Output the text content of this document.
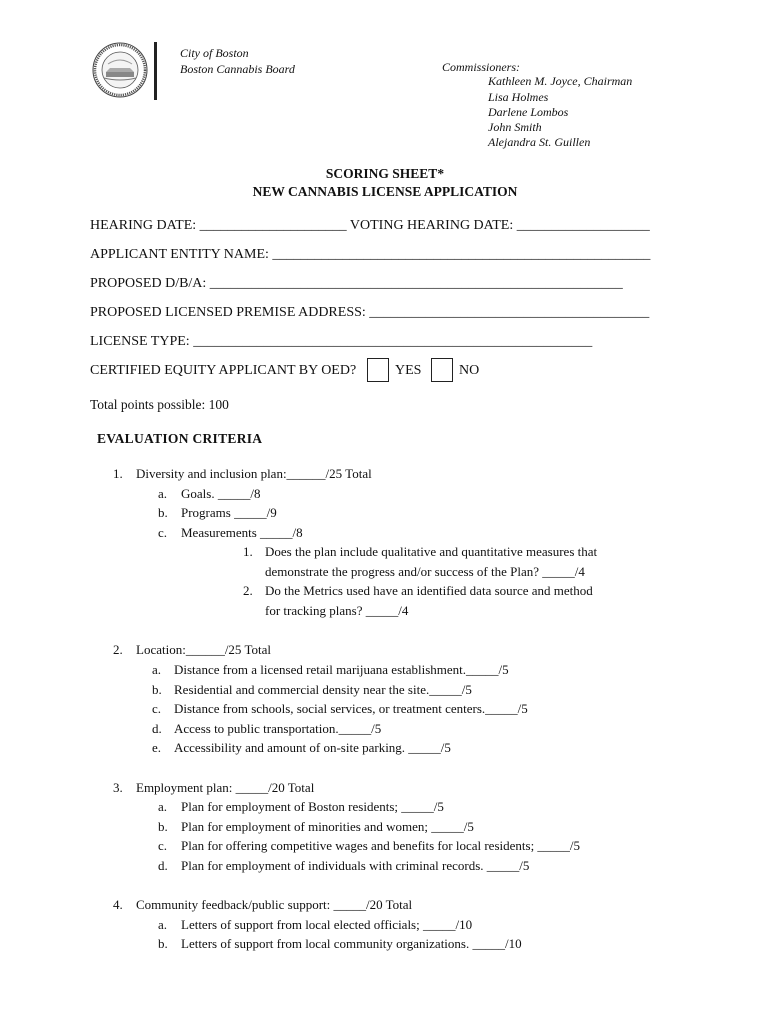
City of Boston
Boston Cannabis Board	Commissioners:
Kathleen M. Joyce, Chairman
Lisa Holmes
Darlene Lombos
John Smith
Alejandra St. Guillen
SCORING SHEET*
NEW CANNABIS LICENSE APPLICATION
HEARING DATE: _____________________ VOTING HEARING DATE: ___________________
APPLICANT ENTITY NAME: ______________________________________________________
PROPOSED D/B/A: ___________________________________________________________
PROPOSED LICENSED PREMISE ADDRESS: ________________________________________
LICENSE TYPE: _________________________________________________________
CERTIFIED EQUITY APPLICANT BY OED?	YES	NO
Total points possible: 100
EVALUATION CRITERIA
1. Diversity and inclusion plan:______/25 Total
a. Goals. _____/8
b. Programs _____/9
c. Measurements _____/8
1. Does the plan include qualitative and quantitative measures that
demonstrate the progress and/or success of the Plan? _____/4
2. Do the Metrics used have an identified data source and method
for tracking plans? _____/4
2. Location:______/25 Total
a. Distance from a licensed retail marijuana establishment._____/5
b. Residential and commercial density near the site._____/5
c. Distance from schools, social services, or treatment centers._____/5
d. Access to public transportation._____/5
e. Accessibility and amount of on-site parking. _____/5
3. Employment plan: _____/20 Total
a. Plan for employment of Boston residents; _____/5
b. Plan for employment of minorities and women; _____/5
c. Plan for offering competitive wages and benefits for local residents; _____/5
d. Plan for employment of individuals with criminal records. _____/5
4. Community feedback/public support: _____/20 Total
a. Letters of support from local elected officials; _____/10
b. Letters of support from local community organizations. _____/10
